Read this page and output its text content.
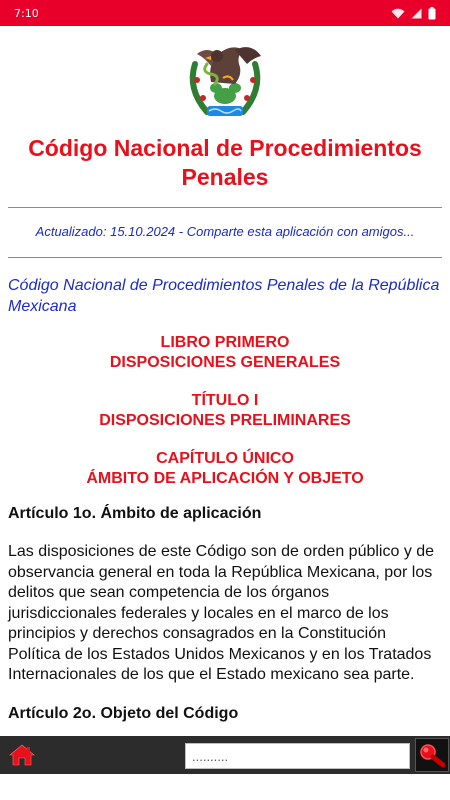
7:10
Código Nacional de Procedimientos Penales

Actualizado: 15.10.2024 - Comparte esta aplicación con amigos...

Código Nacional de Procedimientos Penales de la República Mexicana

LIBRO PRIMERO
DISPOSICIONES GENERALES
TÍTULO I
DISPOSICIONES PRELIMINARES
CAPÍTULO ÚNICO
ÁMBITO DE APLICACIÓN Y OBJETO
Artículo 1o. Ámbito de aplicación

Las disposiciones de este Código son de orden público y de observancia general en toda la República Mexicana, por los delitos que sean competencia de los órganos jurisdiccionales federales y locales en el marco de los principios y derechos consagrados en la Constitución Política de los Estados Unidos Mexicanos y en los Tratados Internacionales de los que el Estado mexicano sea parte.

Artículo 2o. Objeto del Código
..........
